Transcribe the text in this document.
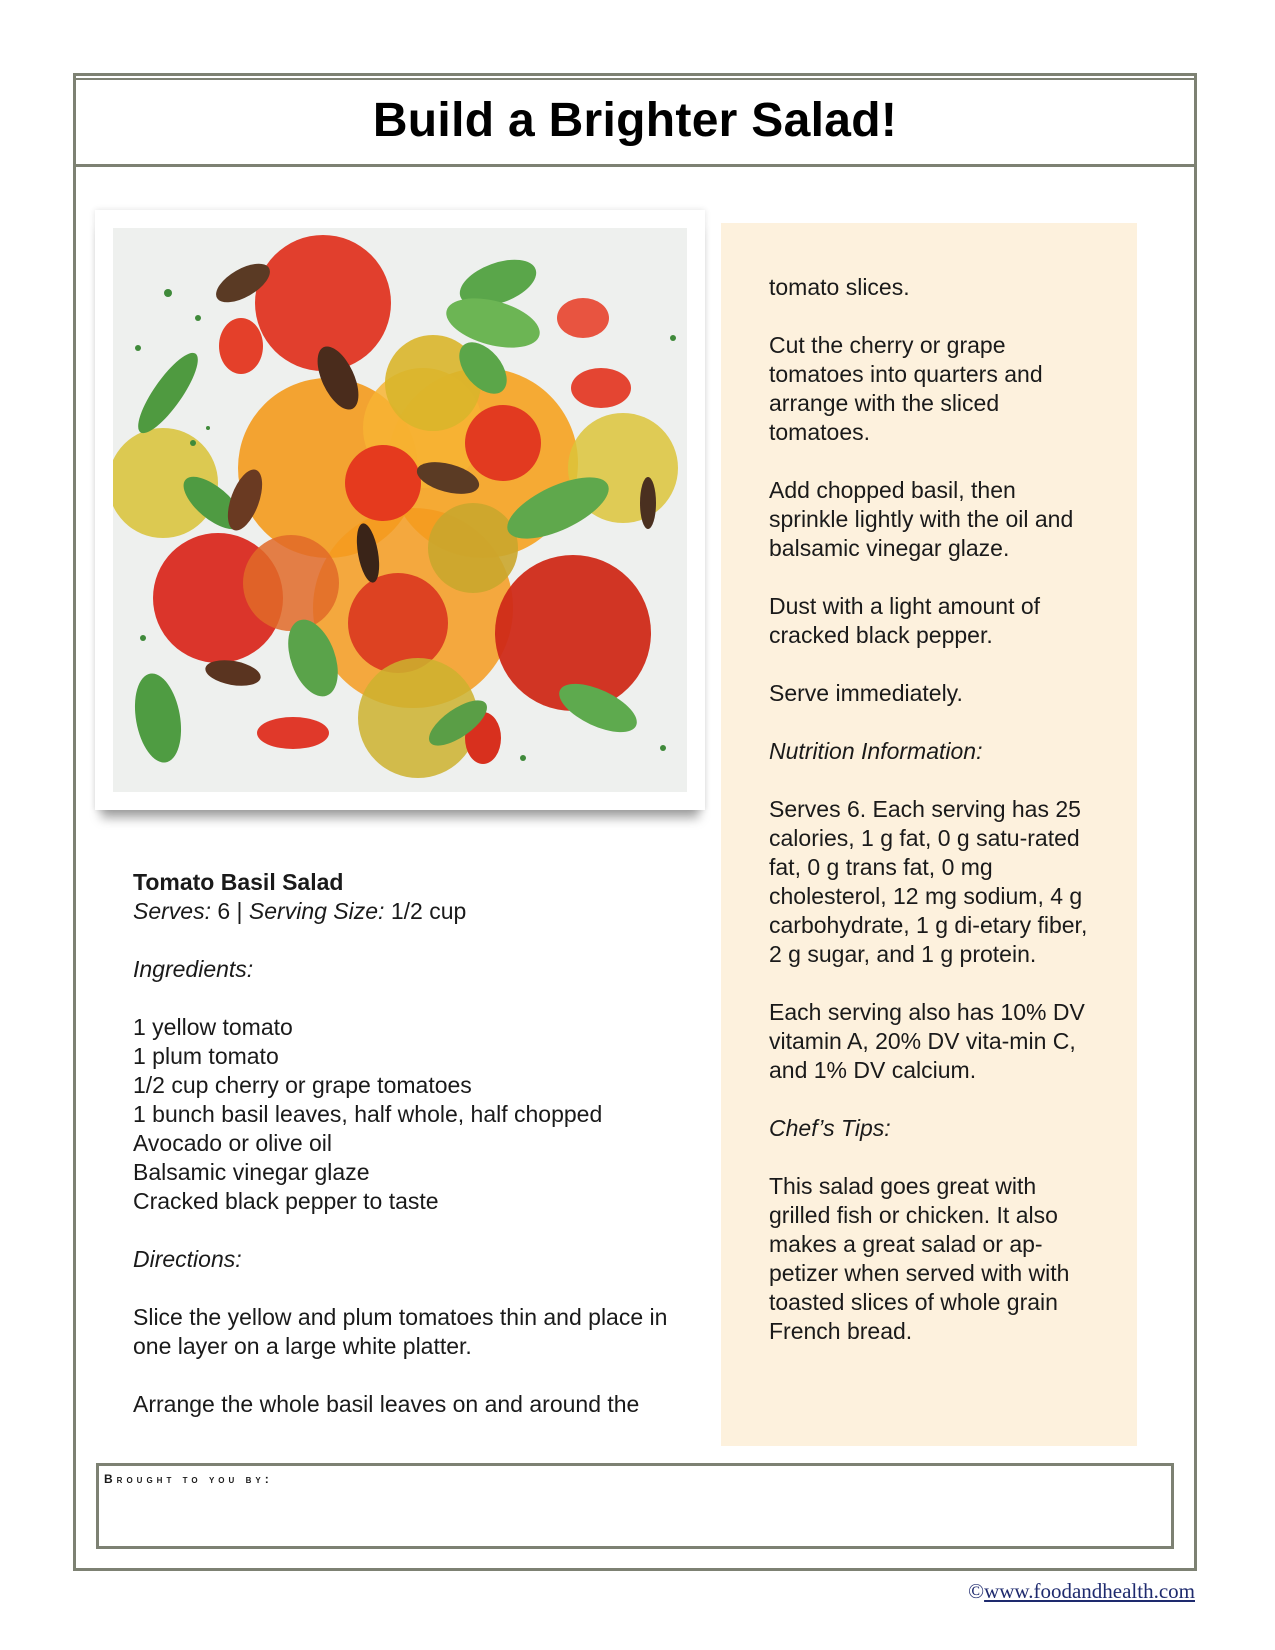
Build a Brighter Salad!

Tomato Basil Salad

Serves: 6 | Serving Size: 1/2 cup

Ingredients:

1 yellow tomato

1 plum tomato

1/2 cup cherry or grape tomatoes

1 bunch basil leaves, half whole, half chopped

Avocado or olive oil

Balsamic vinegar glaze

Cracked black pepper to taste

Directions:

Slice the yellow and plum tomatoes thin and place in one layer on a large white platter.

Arrange the whole basil leaves on and around the

tomato slices.

Cut the cherry or grape tomatoes into quarters and arrange with the sliced tomatoes.

Add chopped basil, then sprinkle lightly with the oil and balsamic vinegar glaze.

Dust with a light amount of cracked black pepper.

Serve immediately.

Nutrition Information:

Serves 6. Each serving has 25 calories, 1 g fat, 0 g satu-rated fat, 0 g trans fat, 0 mg cholesterol, 12 mg sodium, 4 g carbohydrate, 1 g di-etary fiber, 2 g sugar, and 1 g protein.

Each serving also has 10% DV vitamin A, 20% DV vita-min C, and 1% DV calcium.

Chef’s Tips:

This salad goes great with grilled fish or chicken. It also makes a great salad or ap-petizer when served with with toasted slices of whole grain French bread.

Brought to you by:
©www.foodandhealth.com
